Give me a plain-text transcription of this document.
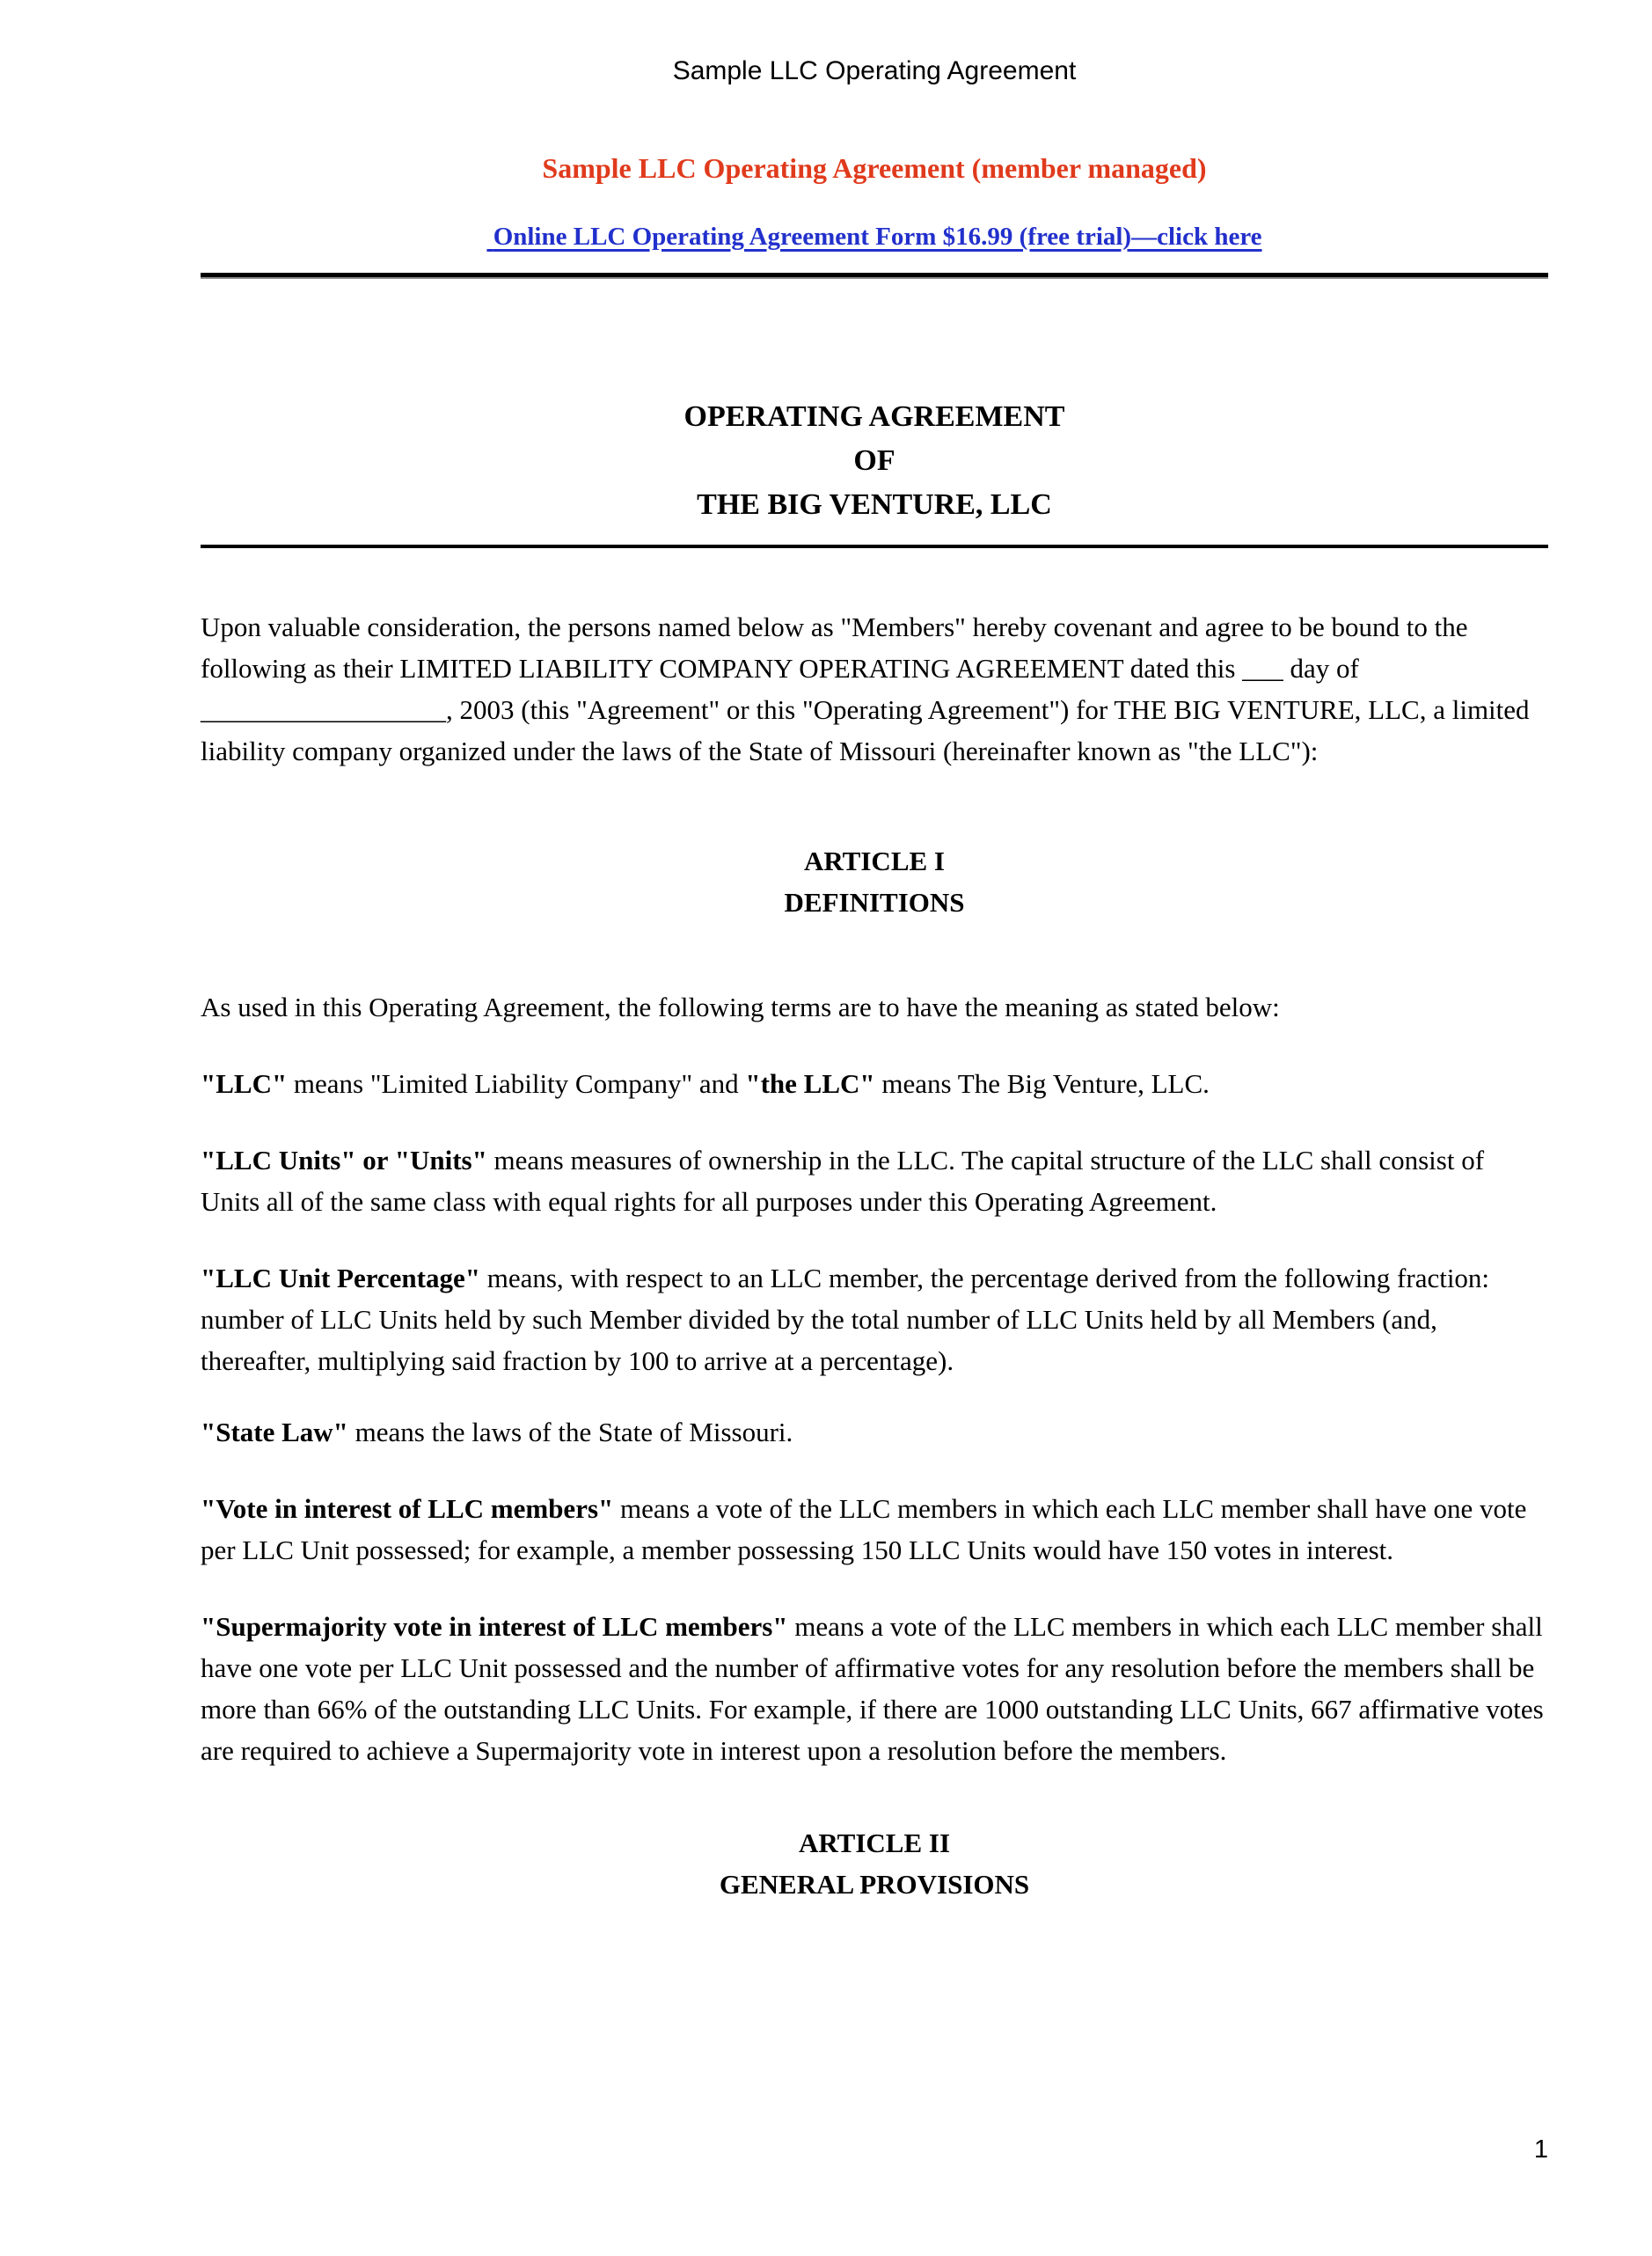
Sample LLC Operating Agreement
Sample LLC Operating Agreement (member managed)
Online LLC Operating Agreement Form $16.99 (free trial)––click here
OPERATING AGREEMENT
OF
THE BIG VENTURE, LLC
Upon valuable consideration, the persons named below as "Members" hereby covenant and agree to be bound to the following as their LIMITED LIABILITY COMPANY OPERATING AGREEMENT dated this ___ day of __________________, 2003 (this "Agreement" or this "Operating Agreement") for THE BIG VENTURE, LLC, a limited liability company organized under the laws of the State of Missouri (hereinafter known as "the LLC"):
ARTICLE I
DEFINITIONS
As used in this Operating Agreement, the following terms are to have the meaning as stated below:
"LLC" means "Limited Liability Company" and "the LLC" means The Big Venture, LLC.
"LLC Units" or "Units" means measures of ownership in the LLC. The capital structure of the LLC shall consist of Units all of the same class with equal rights for all purposes under this Operating Agreement.
"LLC Unit Percentage" means, with respect to an LLC member, the percentage derived from the following fraction: number of LLC Units held by such Member divided by the total number of LLC Units held by all Members (and, thereafter, multiplying said fraction by 100 to arrive at a percentage).
"State Law" means the laws of the State of Missouri.
"Vote in interest of LLC members" means a vote of the LLC members in which each LLC member shall have one vote per LLC Unit possessed; for example, a member possessing 150 LLC Units would have 150 votes in interest.
"Supermajority vote in interest of LLC members" means a vote of the LLC members in which each LLC member shall have one vote per LLC Unit possessed and the number of affirmative votes for any resolution before the members shall be more than 66% of the outstanding LLC Units. For example, if there are 1000 outstanding LLC Units, 667 affirmative votes are required to achieve a Supermajority vote in interest upon a resolution before the members.
ARTICLE II
GENERAL PROVISIONS
1
